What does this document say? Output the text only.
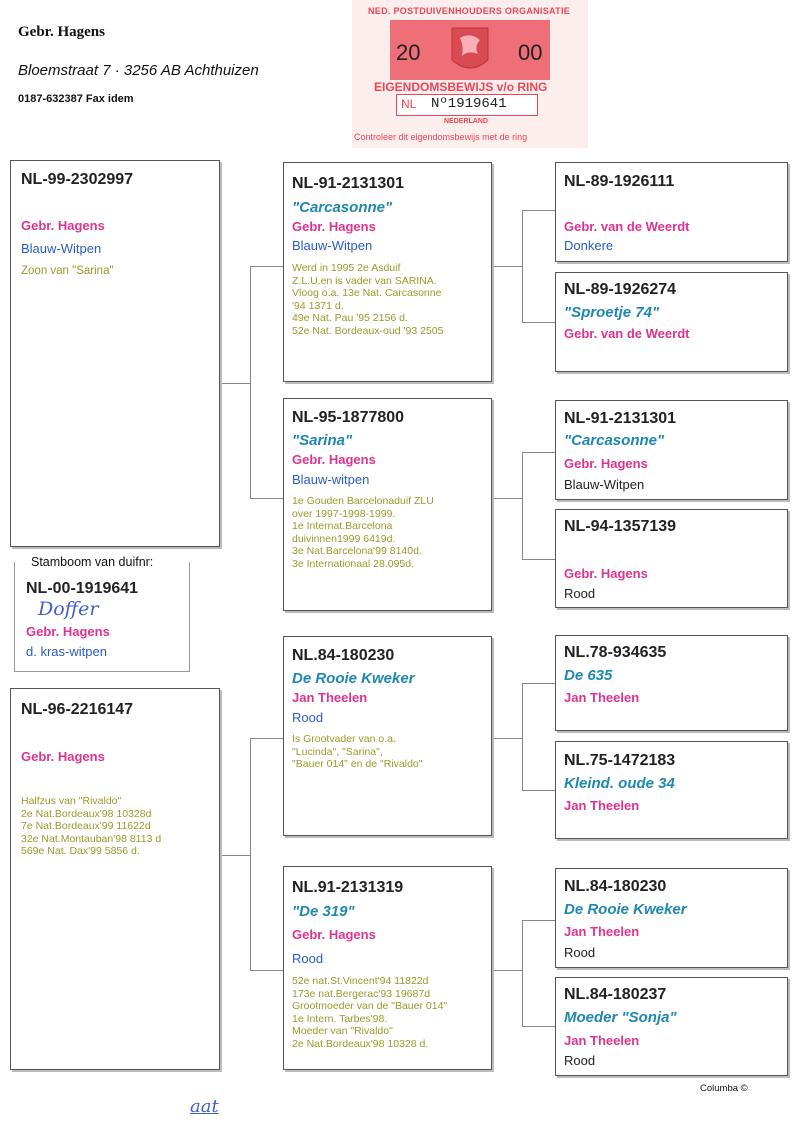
Gebr. Hagens
Bloemstraat 7 · 3256 AB Achthuizen
0187-632387 Fax idem
NED. POSTDUIVENHOUDERS ORGANISATIE
20	00
EIGENDOMSBEWIJS v/o RING
NL Nº1919641
NEDERLAND
Controleer dit eigendomsbewijs met de ring
Stamboom van duifnr:
NL-00-1919641
Doffer
Gebr. Hagens
d. kras-witpen
NL-99-2302997
Gebr. Hagens
Blauw-Witpen
Zoon van "Sarina"
NL-96-2216147
Gebr. Hagens
Halfzus van "Rivaldo"
2e Nat.Bordeaux'98 10328d
7e Nat.Bordeaux'99 11622d
32e Nat.Montauban'98 8113 d
569e Nat. Dax'99 5856 d.
NL-91-2131301
"Carcasonne"
Gebr. Hagens
Blauw-Witpen
Werd in 1995 2e Asduif
Z.L.U.en is vader van SARINA.
Vloog o.a. 13e Nat. Carcasonne
'94 1371 d.
49e Nat. Pau '95 2156 d.
52e Nat. Bordeaux-oud '93 2505
NL-95-1877800
"Sarina"
Gebr. Hagens
Blauw-witpen
1e Gouden Barcelonaduif ZLU
over 1997-1998-1999.
1e Internat.Barcelona
duivinnen1999 6419d.
3e Nat.Barcelona'99 8140d.
3e Internationaal 28.095d.
NL.84-180230
De Rooie Kweker
Jan Theelen
Rood
Is Grootvader van o.a.
"Lucinda", "Sarina",
"Bauer 014" en de "Rivaldo"
NL.91-2131319
"De 319"
Gebr. Hagens
Rood
52e nat.St.Vincent'94 11822d
173e nat.Bergerac'93 19687d
Grootmoeder van de "Bauer 014"
1e Intern. Tarbes'98.
Moeder van "Rivaldo"
2e Nat.Bordeaux'98 10328 d.
NL-89-1926111
Gebr. van de Weerdt
Donkere
NL-89-1926274
"Sproetje 74"
Gebr. van de Weerdt
NL-91-2131301
"Carcasonne"
Gebr. Hagens
Blauw-Witpen
NL-94-1357139
Gebr. Hagens
Rood
NL.78-934635
De 635
Jan Theelen
NL.75-1472183
Kleind. oude 34
Jan Theelen
NL.84-180230
De Rooie Kweker
Jan Theelen
Rood
NL.84-180237
Moeder "Sonja"
Jan Theelen
Rood
Columba ©
aat
